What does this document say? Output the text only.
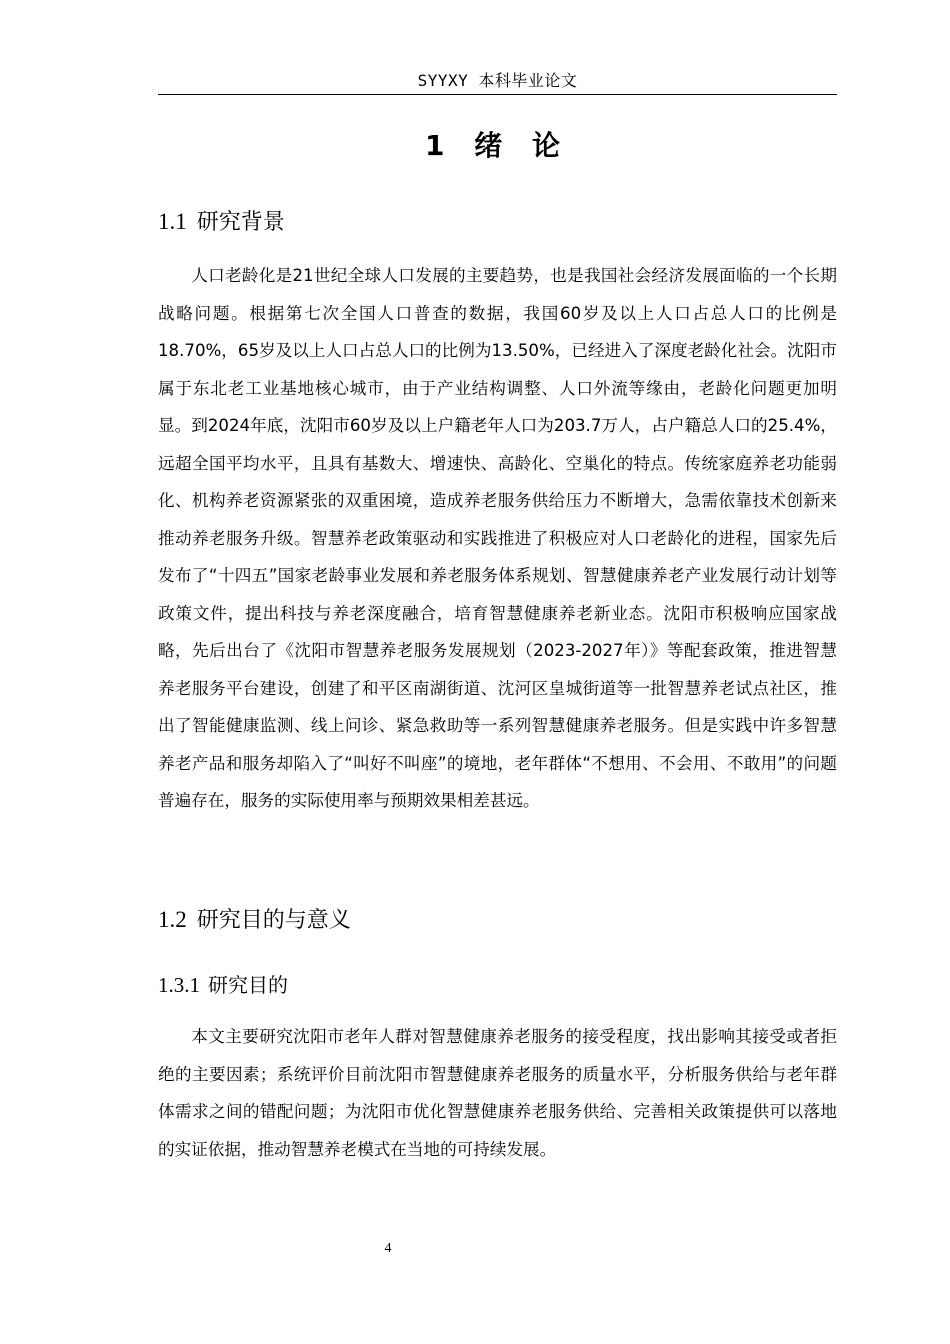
SYYXY 本科毕业论文
1 绪 论
1.1 研究背景

人口老龄化是21世纪全球人口发展的主要趋势，也是我国社会经济发展面临的一个长期战略问题。根据第七次全国人口普查的数据，我国60岁及以上人口占总人口的比例是18.70%，65岁及以上人口占总人口的比例为13.50%，已经进入了深度老龄化社会。沈阳市属于东北老工业基地核心城市，由于产业结构调整、人口外流等缘由，老龄化问题更加明显。到2024年底，沈阳市60岁及以上户籍老年人口为203.7万人，占户籍总人口的25.4%，远超全国平均水平，且具有基数大、增速快、高龄化、空巢化的特点。传统家庭养老功能弱化、机构养老资源紧张的双重困境，造成养老服务供给压力不断增大，急需依靠技术创新来推动养老服务升级。智慧养老政策驱动和实践推进了积极应对人口老龄化的进程，国家先后发布了“十四五”国家老龄事业发展和养老服务体系规划、智慧健康养老产业发展行动计划等政策文件，提出科技与养老深度融合，培育智慧健康养老新业态。沈阳市积极响应国家战略，先后出台了《沈阳市智慧养老服务发展规划（2023-2027年）》等配套政策，推进智慧养老服务平台建设，创建了和平区南湖街道、沈河区皇城街道等一批智慧养老试点社区，推出了智能健康监测、线上问诊、紧急救助等一系列智慧健康养老服务。但是实践中许多智慧养老产品和服务却陷入了“叫好不叫座”的境地，老年群体“不想用、不会用、不敢用”的问题普遍存在，服务的实际使用率与预期效果相差甚远。

1.2 研究目的与意义
1.3.1 研究目的

本文主要研究沈阳市老年人群对智慧健康养老服务的接受程度，找出影响其接受或者拒绝的主要因素；系统评价目前沈阳市智慧健康养老服务的质量水平，分析服务供给与老年群体需求之间的错配问题；为沈阳市优化智慧健康养老服务供给、完善相关政策提供可以落地的实证依据，推动智慧养老模式在当地的可持续发展。

4
